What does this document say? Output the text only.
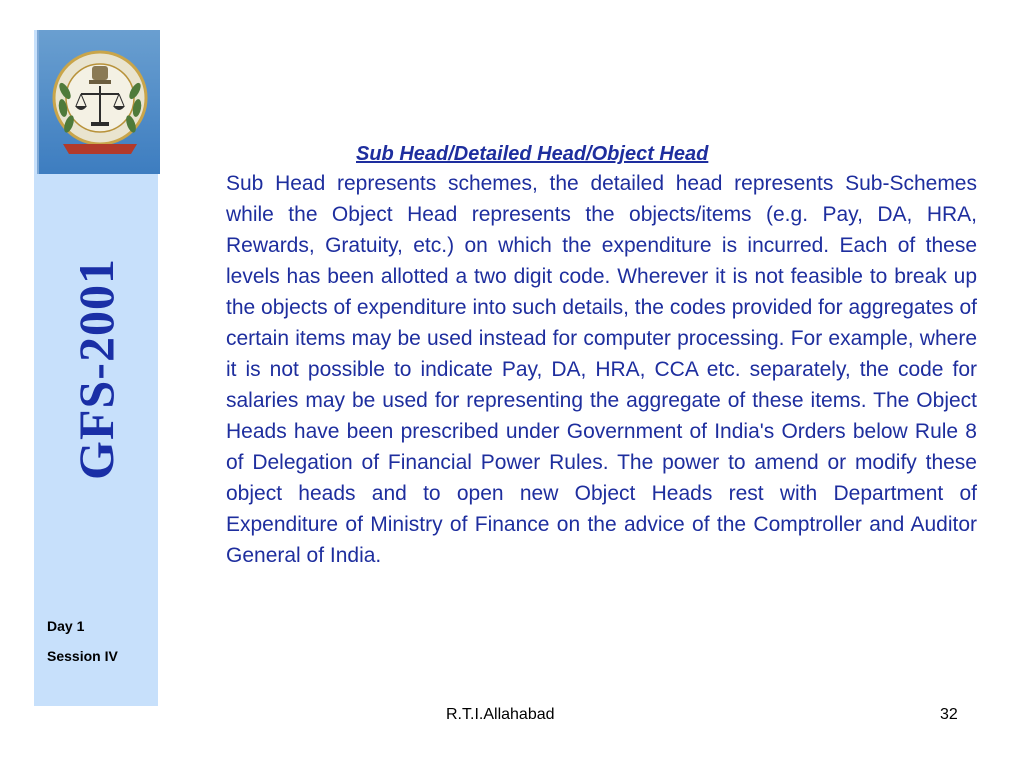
GFS-2001
Day 1
Session IV
Sub Head/Detailed Head/Object Head

Sub Head represents schemes, the detailed head represents Sub-Schemes while the Object Head represents the objects/items (e.g. Pay, DA, HRA, Rewards, Gratuity, etc.) on which the expenditure is incurred. Each of these levels has been allotted a two digit code. Wherever it is not feasible to break up the objects of expenditure into such details, the codes provided for aggregates of certain items may be used instead for computer processing. For example, where it is not possible to indicate Pay, DA, HRA, CCA etc. separately, the code for salaries may be used for representing the aggregate of these items. The Object Heads have been prescribed under Government of India's Orders below Rule 8 of Delegation of Financial Power Rules. The power to amend or modify these object heads and to open new Object Heads rest with Department of Expenditure of Ministry of Finance on the advice of the Comptroller and Auditor General of India.

R.T.I.Allahabad	32
